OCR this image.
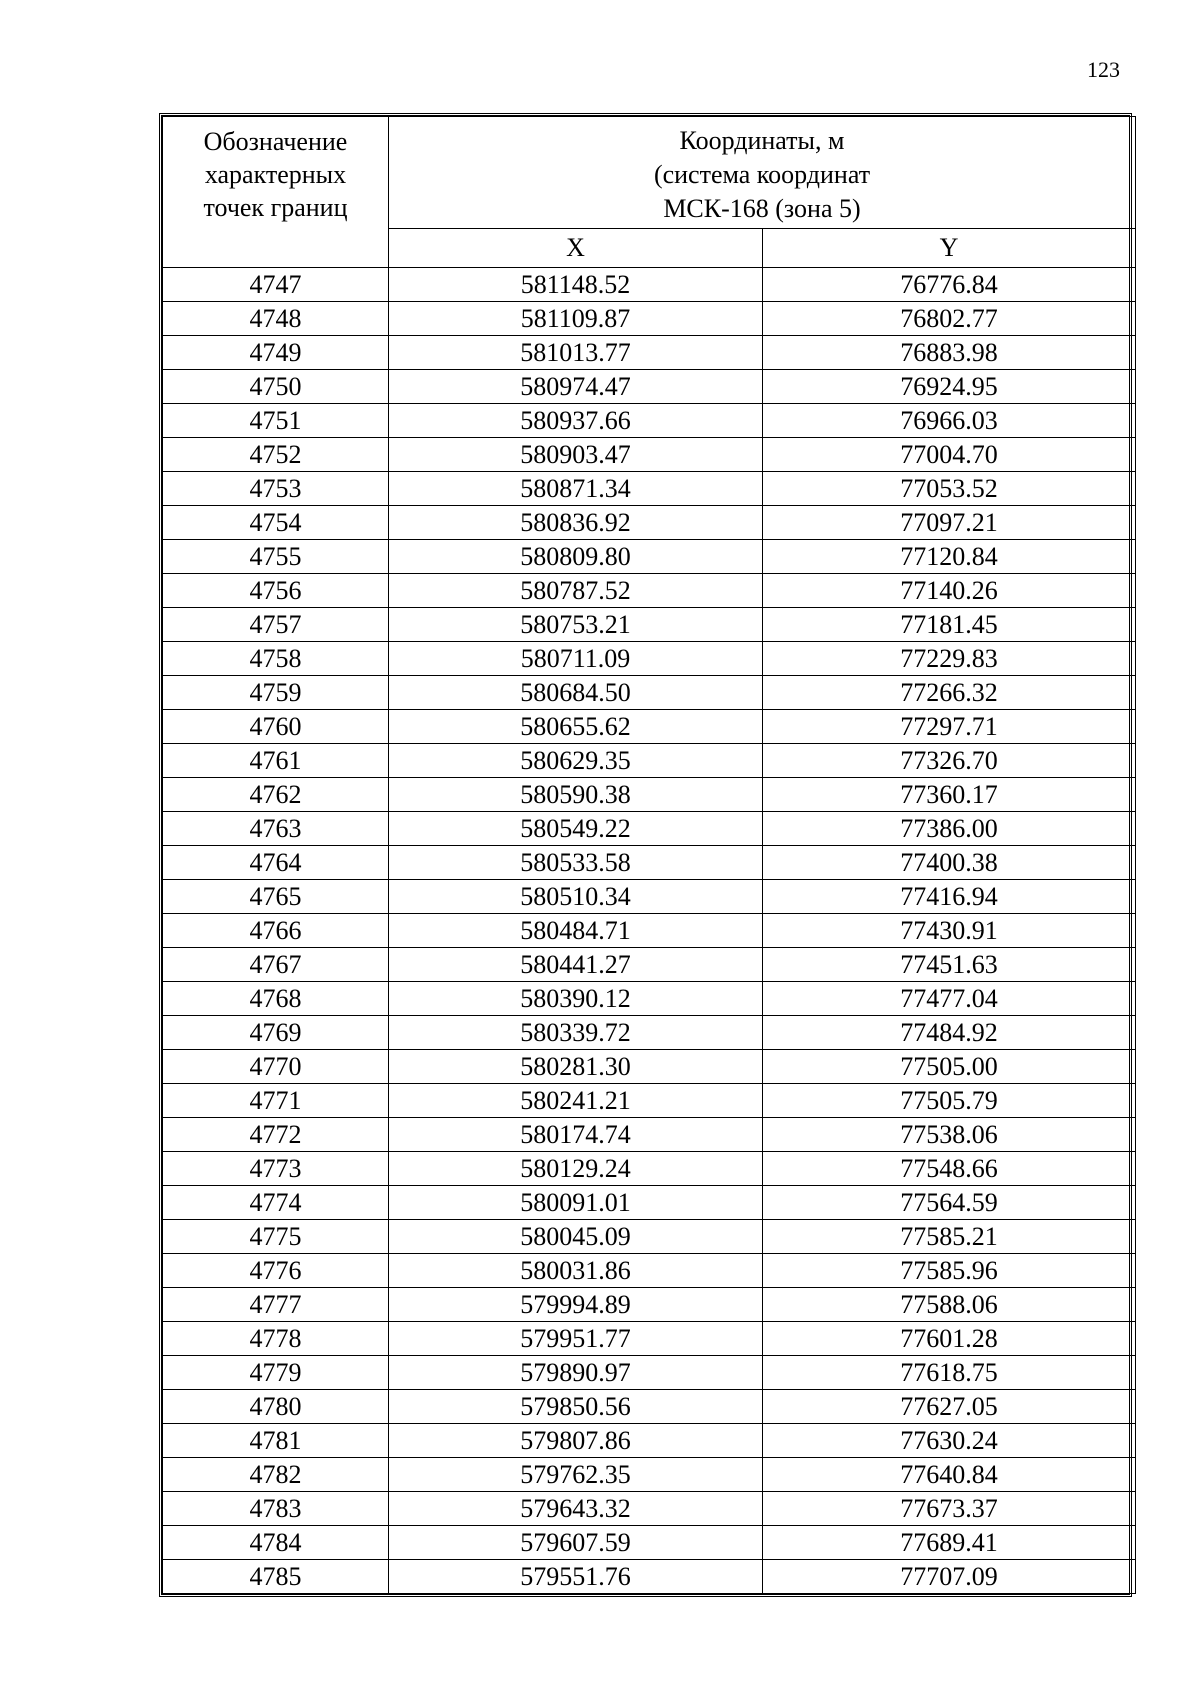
123
Обозначение
характерных
точек границ	Координаты, м
(система координат
МСК-168 (зона 5)	

	X	Y
4747	581148.52	76776.84
4748	581109.87	76802.77
4749	581013.77	76883.98
4750	580974.47	76924.95
4751	580937.66	76966.03
4752	580903.47	77004.70
4753	580871.34	77053.52
4754	580836.92	77097.21
4755	580809.80	77120.84
4756	580787.52	77140.26
4757	580753.21	77181.45
4758	580711.09	77229.83
4759	580684.50	77266.32
4760	580655.62	77297.71
4761	580629.35	77326.70
4762	580590.38	77360.17
4763	580549.22	77386.00
4764	580533.58	77400.38
4765	580510.34	77416.94
4766	580484.71	77430.91
4767	580441.27	77451.63
4768	580390.12	77477.04
4769	580339.72	77484.92
4770	580281.30	77505.00
4771	580241.21	77505.79
4772	580174.74	77538.06
4773	580129.24	77548.66
4774	580091.01	77564.59
4775	580045.09	77585.21
4776	580031.86	77585.96
4777	579994.89	77588.06
4778	579951.77	77601.28
4779	579890.97	77618.75
4780	579850.56	77627.05
4781	579807.86	77630.24
4782	579762.35	77640.84
4783	579643.32	77673.37
4784	579607.59	77689.41
4785	579551.76	77707.09
